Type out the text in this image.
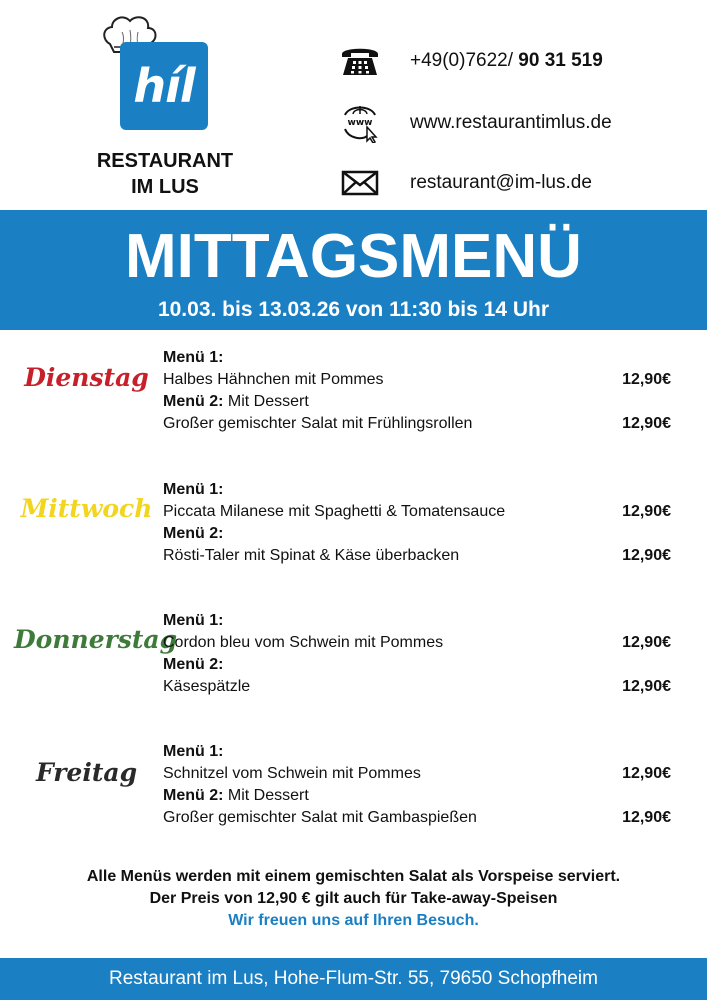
híl
RESTAURANT
IM LUS
+49(0)7622/ 90 31 519
www www.restaurantimlus.de
restaurant@im-lus.de
MITTAGSMENÜ
10.03. bis 13.03.26 von 11:30 bis 14 Uhr
Dienstag
Menü 1:
Halbes Hähnchen mit Pommes	12,90€
Menü 2: Mit Dessert
Großer gemischter Salat mit Frühlingsrollen	12,90€
Mittwoch
Menü 1:
Piccata Milanese mit Spaghetti & Tomatensauce	12,90€
Menü 2:
Rösti-Taler mit Spinat & Käse überbacken	12,90€
Donnerstag
Menü 1:
Cordon bleu vom Schwein mit Pommes	12,90€
Menü 2:
Käsespätzle	12,90€
Freitag
Menü 1:
Schnitzel vom Schwein mit Pommes	12,90€
Menü 2: Mit Dessert
Großer gemischter Salat mit Gambaspießen	12,90€
Alle Menüs werden mit einem gemischten Salat als Vorspeise serviert.
Der Preis von 12,90 € gilt auch für Take-away-Speisen
Wir freuen uns auf Ihren Besuch.
Restaurant im Lus, Hohe-Flum-Str. 55, 79650 Schopfheim
